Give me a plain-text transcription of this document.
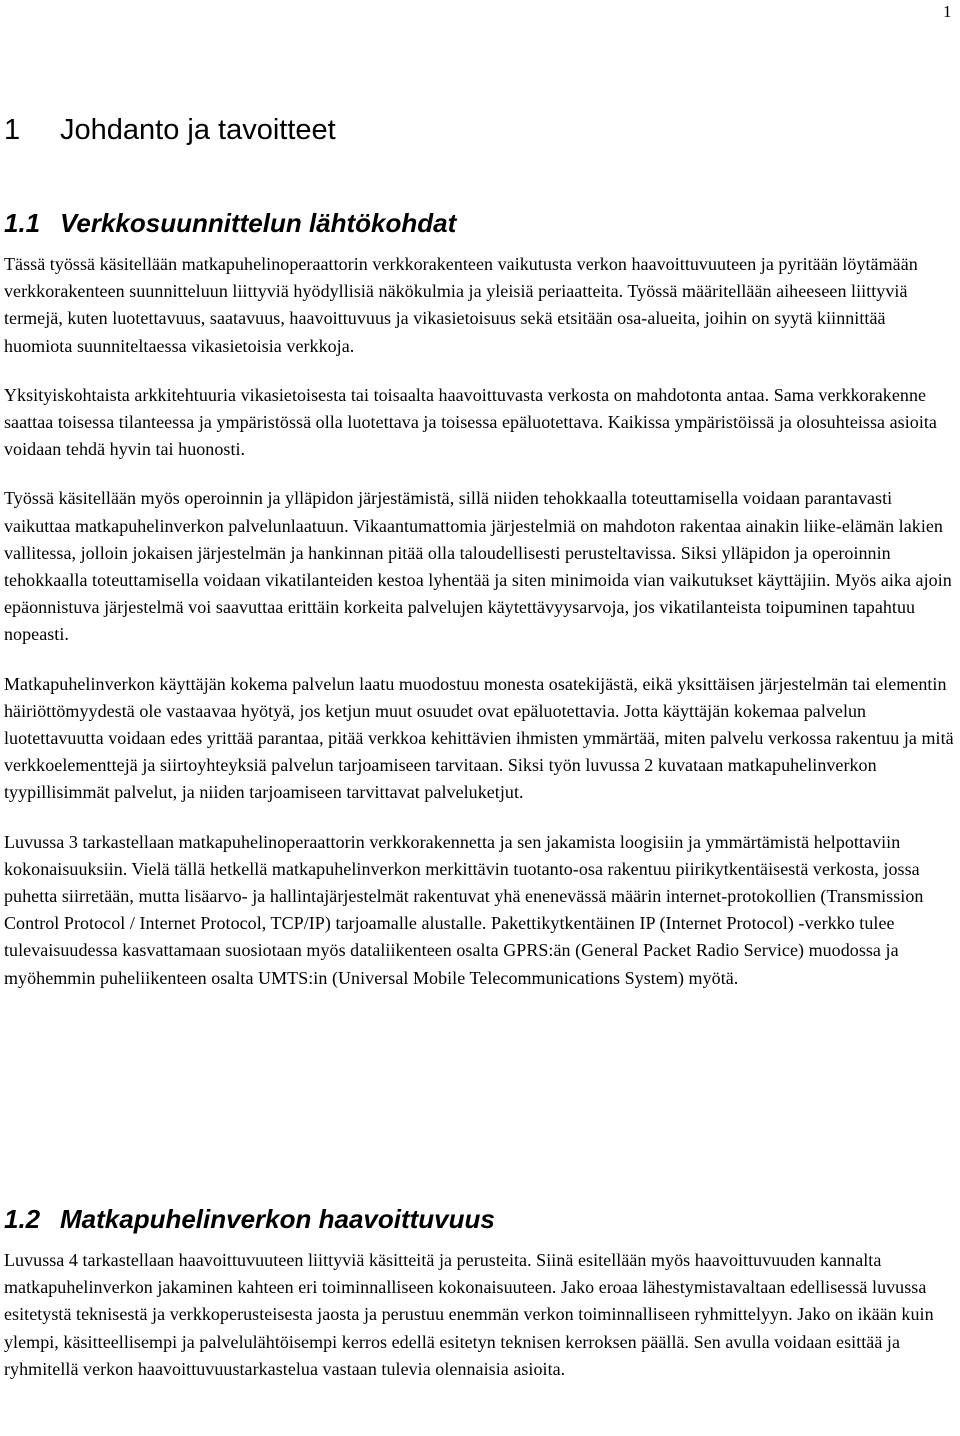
1
1 Johdanto ja tavoitteet
1.1 Verkkosuunnittelun lähtökohdat

Tässä työssä käsitellään matkapuhelinoperaattorin verkkorakenteen vaikutusta verkon haavoittuvuuteen ja pyritään löytämään verkkorakenteen suunnitteluun liittyviä hyödyllisiä näkökulmia ja yleisiä periaatteita. Työssä määritellään aiheeseen liittyviä termejä, kuten luotettavuus, saatavuus, haavoittuvuus ja vikasietoisuus sekä etsitään osa-alueita, joihin on syytä kiinnittää huomiota suunniteltaessa vikasietoisia verkkoja.

Yksityiskohtaista arkkitehtuuria vikasietoisesta tai toisaalta haavoittuvasta verkosta on mahdotonta antaa. Sama verkkorakenne saattaa toisessa tilanteessa ja ympäristössä olla luotettava ja toisessa epäluotettava. Kaikissa ympäristöissä ja olosuhteissa asioita voidaan tehdä hyvin tai huonosti.

Työssä käsitellään myös operoinnin ja ylläpidon järjestämistä, sillä niiden tehokkaalla toteuttamisella voidaan parantavasti vaikuttaa matkapuhelinverkon palvelunlaatuun. Vikaantumattomia järjestelmiä on mahdoton rakentaa ainakin liike-elämän lakien vallitessa, jolloin jokaisen järjestelmän ja hankinnan pitää olla taloudellisesti perusteltavissa. Siksi ylläpidon ja operoinnin tehokkaalla toteuttamisella voidaan vikatilanteiden kestoa lyhentää ja siten minimoida vian vaikutukset käyttäjiin. Myös aika ajoin epäonnistuva järjestelmä voi saavuttaa erittäin korkeita palvelujen käytettävyysarvoja, jos vikatilanteista toipuminen tapahtuu nopeasti.

Matkapuhelinverkon käyttäjän kokema palvelun laatu muodostuu monesta osatekijästä, eikä yksittäisen järjestelmän tai elementin häiriöttömyydestä ole vastaavaa hyötyä, jos ketjun muut osuudet ovat epäluotettavia. Jotta käyttäjän kokemaa palvelun luotettavuutta voidaan edes yrittää parantaa, pitää verkkoa kehittävien ihmisten ymmärtää, miten palvelu verkossa rakentuu ja mitä verkkoelementtejä ja siirtoyhteyksiä palvelun tarjoamiseen tarvitaan. Siksi työn luvussa 2 kuvataan matkapuhelinverkon tyypillisimmät palvelut, ja niiden tarjoamiseen tarvittavat palveluketjut.

Luvussa 3 tarkastellaan matkapuhelinoperaattorin verkkorakennetta ja sen jakamista loogisiin ja ymmärtämistä helpottaviin kokonaisuuksiin. Vielä tällä hetkellä matkapuhelinverkon merkittävin tuotanto-osa rakentuu piirikytkentäisestä verkosta, jossa puhetta siirretään, mutta lisäarvo- ja hallintajärjestelmät rakentuvat yhä enenevässä määrin internet-protokollien (Transmission Control Protocol / Internet Protocol, TCP/IP) tarjoamalle alustalle. Pakettikytkentäinen IP (Internet Protocol) -verkko tulee tulevaisuudessa kasvattamaan suosiotaan myös dataliikenteen osalta GPRS:än (General Packet Radio Service) muodossa ja myöhemmin puheliikenteen osalta UMTS:in (Universal Mobile Telecommunications System) myötä.

1.2 Matkapuhelinverkon haavoittuvuus

Luvussa 4 tarkastellaan haavoittuvuuteen liittyviä käsitteitä ja perusteita. Siinä esitellään myös haavoittuvuuden kannalta matkapuhelinverkon jakaminen kahteen eri toiminnalliseen kokonaisuuteen. Jako eroaa lähestymistavaltaan edellisessä luvussa esitetystä teknisestä ja verkkoperusteisesta jaosta ja perustuu enemmän verkon toiminnalliseen ryhmittelyyn. Jako on ikään kuin ylempi, käsitteellisempi ja palvelulähtöisempi kerros edellä esitetyn teknisen kerroksen päällä. Sen avulla voidaan esittää ja ryhmitellä verkon haavoittuvuustarkastelua vastaan tulevia olennaisia asioita.
